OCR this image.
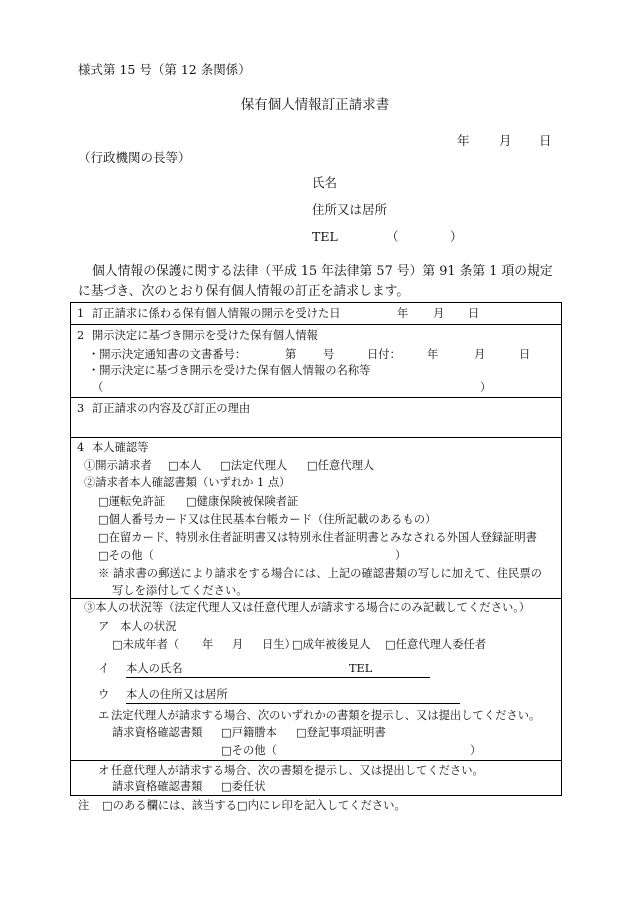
様式第 15 号（第 12 条関係）
保有個人情報訂正請求書
年 月 日
（行政機関の長等）
氏名
住所又は居所
TEL	（	）
個人情報の保護に関する法律（平成 15 年法律第 57 号）第 91 条第 1 項の規定
に基づき、次のとおり保有個人情報の訂正を請求します。
1 訂正請求に係わる保有個人情報の開示を受けた日	年 月 日
2 開示決定に基づき開示を受けた保有個人情報
・開示決定通知書の文書番号：	第 号	日付： 年	月	日
・開示決定に基づき開示を受けた保有個人情報の名称等
（	）
3 訂正請求の内容及び訂正の理由
4 本人確認等
①開示請求者 □本人 □法定代理人 □任意代理人
②請求者本人確認書類（いずれか 1 点）
□運転免許証 □健康保険被保険者証
□個人番号カード又は住民基本台帳カード（住所記載のあるもの）
□在留カード、特別永住者証明書又は特別永住者証明書とみなされる外国人登録証明書
□その他（	）
※ 請求書の郵送により請求をする場合には、上記の確認書類の写しに加えて、住民票の
写しを添付してください。
③本人の状況等（法定代理人又は任意代理人が請求する場合にのみ記載してください。）
ア 本人の状況
□未成年者（ 年 月 日生）
□成年被後見人 □任意代理人委任者
イ 本人の氏名	TEL
ウ 本人の住所又は居所
エ 法定代理人が請求する場合、次のいずれかの書類を提示し、又は提出してください。
請求資格確認書類 □戸籍謄本 □登記事項証明書
□その他（	）
オ 任意代理人が請求する場合、次の書類を提示し、又は提出してください。
請求資格確認書類 □委任状
注 □のある欄には、該当する□内にレ印を記入してください。
